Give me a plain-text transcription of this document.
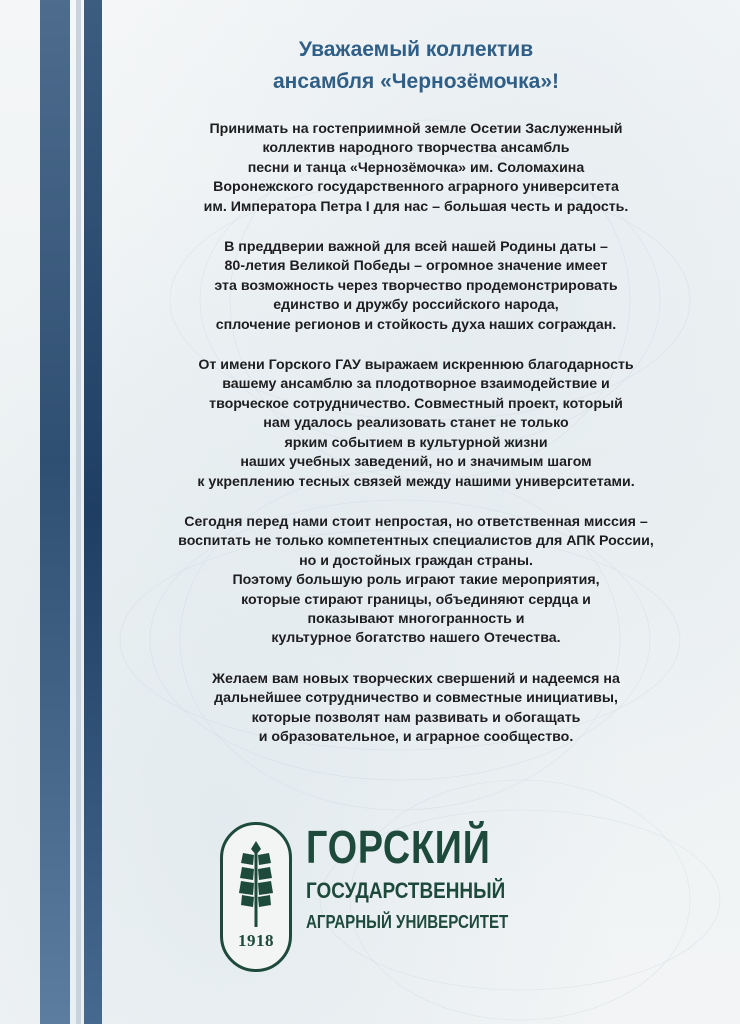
Уважаемый коллектив
ансамбля «Чернозёмочка»!
Принимать на гостеприимной земле Осетии Заслуженный
коллектив народного творчества ансамбль
песни и танца «Чернозёмочка» им. Соломахина
Воронежского государственного аграрного университета
им. Императора Петра I для нас – большая честь и радость.
В преддверии важной для всей нашей Родины даты –
80-летия Великой Победы – огромное значение имеет
эта возможность через творчество продемонстрировать
единство и дружбу российского народа,
сплочение регионов и стойкость духа наших сограждан.
От имени Горского ГАУ выражаем искреннюю благодарность
вашему ансамблю за плодотворное взаимодействие и
творческое сотрудничество. Совместный проект, который
нам удалось реализовать станет не только
ярким событием в культурной жизни
наших учебных заведений, но и значимым шагом
к укреплению тесных связей между нашими университетами.
Сегодня перед нами стоит непростая, но ответственная миссия –
воспитать не только компетентных специалистов для АПК России,
но и достойных граждан страны.
Поэтому большую роль играют такие мероприятия,
которые стирают границы, объединяют сердца и
показывают многогранность и
культурное богатство нашего Отечества.
Желаем вам новых творческих свершений и надеемся на
дальнейшее сотрудничество и совместные инициативы,
которые позволят нам развивать и обогащать
и образовательное, и аграрное сообщество.
1918
ГОРСКИЙ
ГОСУДАРСТВЕННЫЙ
АГРАРНЫЙ УНИВЕРСИТЕТ
